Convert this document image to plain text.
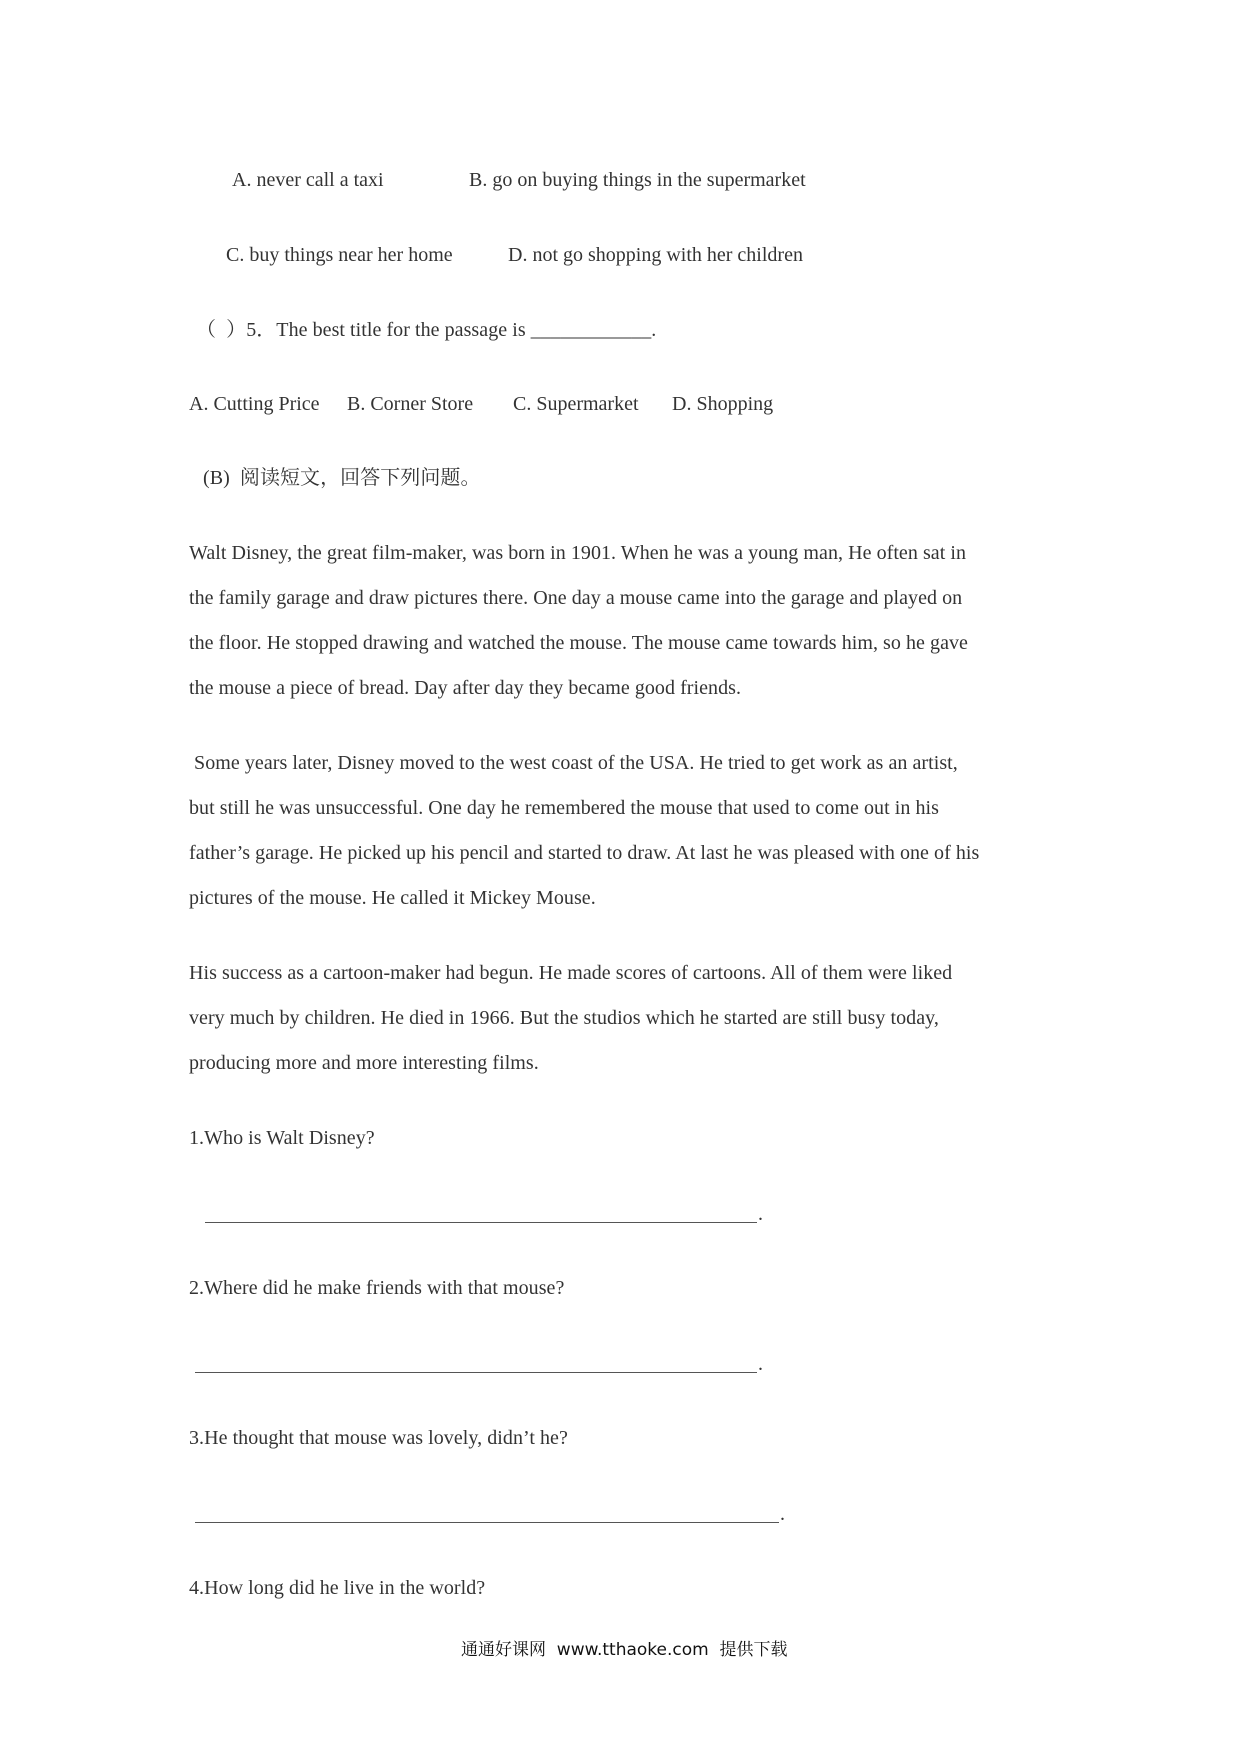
A. never call a taxi	B. go on buying things in the supermarket
C. buy things near her home	D. not go shopping with her children
（  ）5．The best title for the passage is ____________.
A. Cutting Price B. Corner Store C. Supermarket D. Shopping
(B)  阅读短文，回答下列问题。
Walt Disney, the great film-maker, was born in 1901. When he was a young man, He often sat in
the family garage and draw pictures there. One day a mouse came into the garage and played on
the floor. He stopped drawing and watched the mouse. The mouse came towards him, so he gave
the mouse a piece of bread. Day after day they became good friends.
Some years later, Disney moved to the west coast of the USA. He tried to get work as an artist,
but still he was unsuccessful. One day he remembered the mouse that used to come out in his
father’s garage. He picked up his pencil and started to draw. At last he was pleased with one of his
pictures of the mouse. He called it Mickey Mouse.
His success as a cartoon-maker had begun. He made scores of cartoons. All of them were liked
very much by children. He died in 1966. But the studios which he started are still busy today,
producing more and more interesting films.
1.Who is Walt Disney?
.
2.Where did he make friends with that mouse?
.
3.He thought that mouse was lovely, didn’t he?
.
4.How long did he live in the world?
通通好课网  www.tthaoke.com  提供下载
